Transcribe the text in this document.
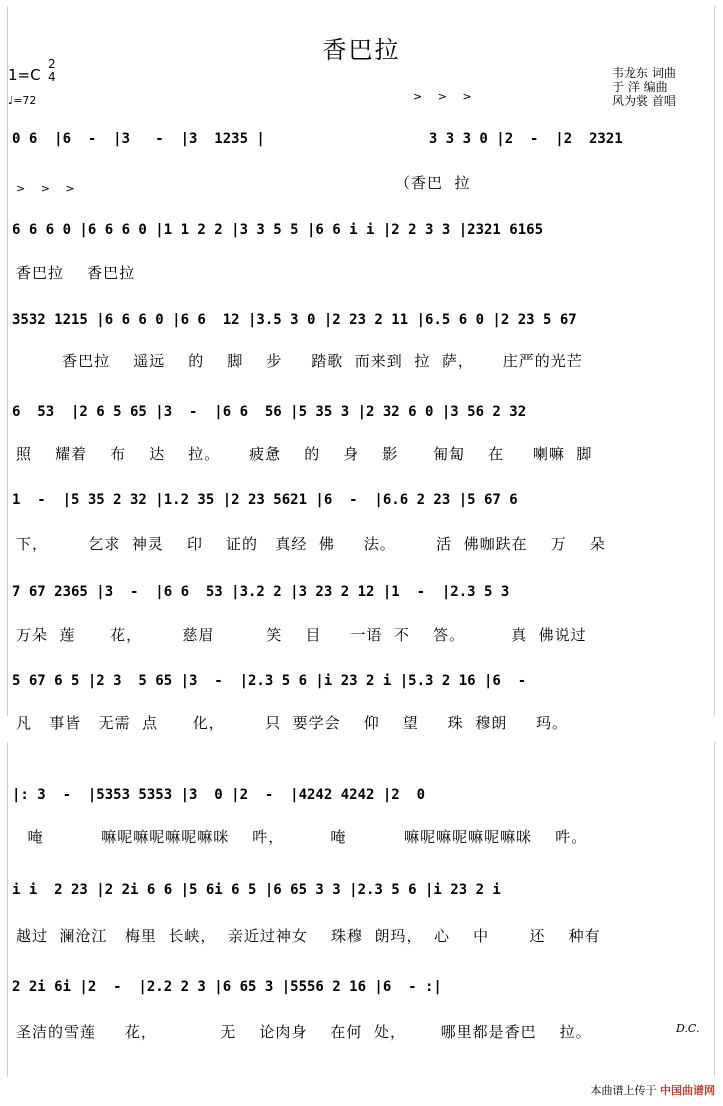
香巴拉
1=C
2
4
♩=72
韦龙东 词曲
于 洋 编曲
风为裳 首唱
> > >
> > >
0 6  |6  -  |3   -  |3  1235 |	3 3 3 0 |2  -  |2  2321
（香巴  拉
6 6 6 0 |6 6 6 0 |1 1 2 2 |3 3 5 5 |6 6 i i |2 2 3 3 |2321 6165
香巴拉    香巴拉
3532 1215 |6 6 6 0 |6 6  12 |3.5 3 0 |2 23 2 11 |6.5 6 0 |2 23 5 67
香巴拉    遥远    的    脚    步     踏歌  而来到  拉  萨，     庄严的光芒
6  53  |2 6 5 65 |3  -  |6 6  56 |5 35 3 |2 32 6 0 |3 56 2 32
照    耀着    布    达    拉。     疲惫    的    身    影      匍匐    在     喇嘛  脚
1  -  |5 35 2 32 |1.2 35 |2 23 5621 |6  -  |6.6 2 23 |5 67 6
下，       乞求  神灵    印    证的   真经  佛     法。       活  佛咖趺在    万    朵
7 67 2365 |3  -  |6 6  53 |3.2 2 |3 23 2 12 |1  -  |2.3 5 3
万朵  莲      花，       慈眉         笑    目     一语  不    答。        真  佛说过
5 67 6 5 |2 3  5 65 |3  -  |2.3 5 6 |i 23 2 i |5.3 2 16 |6  -
凡   事皆   无需  点      化，       只  要学会    仰    望     珠  穆朗     玛。
|: 3  -  |5353 5353 |3  0 |2  -  |4242 4242 |2  0
唵          嘛呢嘛呢嘛呢嘛咪    吽，        唵          嘛呢嘛呢嘛呢嘛咪    吽。
i i  2 23 |2 2i 6 6 |5 6i 6 5 |6 65 3 3 |2.3 5 6 |i 23 2 i
越过  澜沧江   梅里  长峡，  亲近过神女    珠穆  朗玛，  心    中       还    种有
2 2i 6i |2  -  |2.2 2 3 |6 65 3 |5556 2 16 |6  - :|
圣洁的雪莲     花，           无    论肉身    在何  处，      哪里都是香巴    拉。	D.C.
本曲谱上传于 中国曲谱网
